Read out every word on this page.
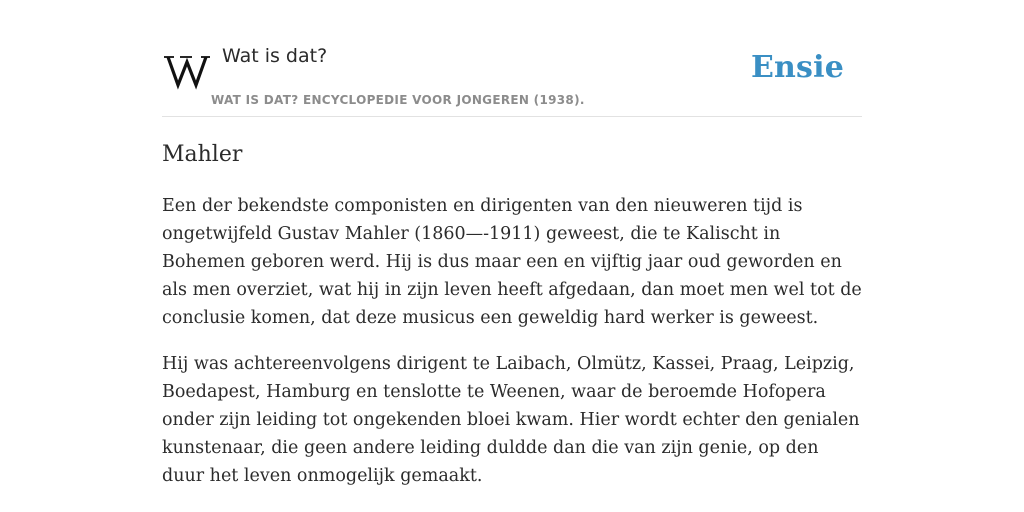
Wat is dat?
WAT IS DAT? ENCYCLOPEDIE VOOR JONGEREN (1938).
Ensie
Mahler

Een der bekendste componisten en dirigenten van den nieuweren tijd is ongetwijfeld Gustav Mahler (1860—-1911) geweest, die te Kalischt in Bohemen geboren werd. Hij is dus maar een en vijftig jaar oud geworden en als men overziet, wat hij in zijn leven heeft afgedaan, dan moet men wel tot de conclusie komen, dat deze musicus een geweldig hard werker is geweest.

Hij was achtereenvolgens dirigent te Laibach, Olmütz, Kassei, Praag, Leipzig, Boedapest, Hamburg en tenslotte te Weenen, waar de beroemde Hofopera onder zijn leiding tot ongekenden bloei kwam. Hier wordt echter den genialen kunstenaar, die geen andere leiding duldde dan die van zijn genie, op den duur het leven onmogelijk gemaakt.
